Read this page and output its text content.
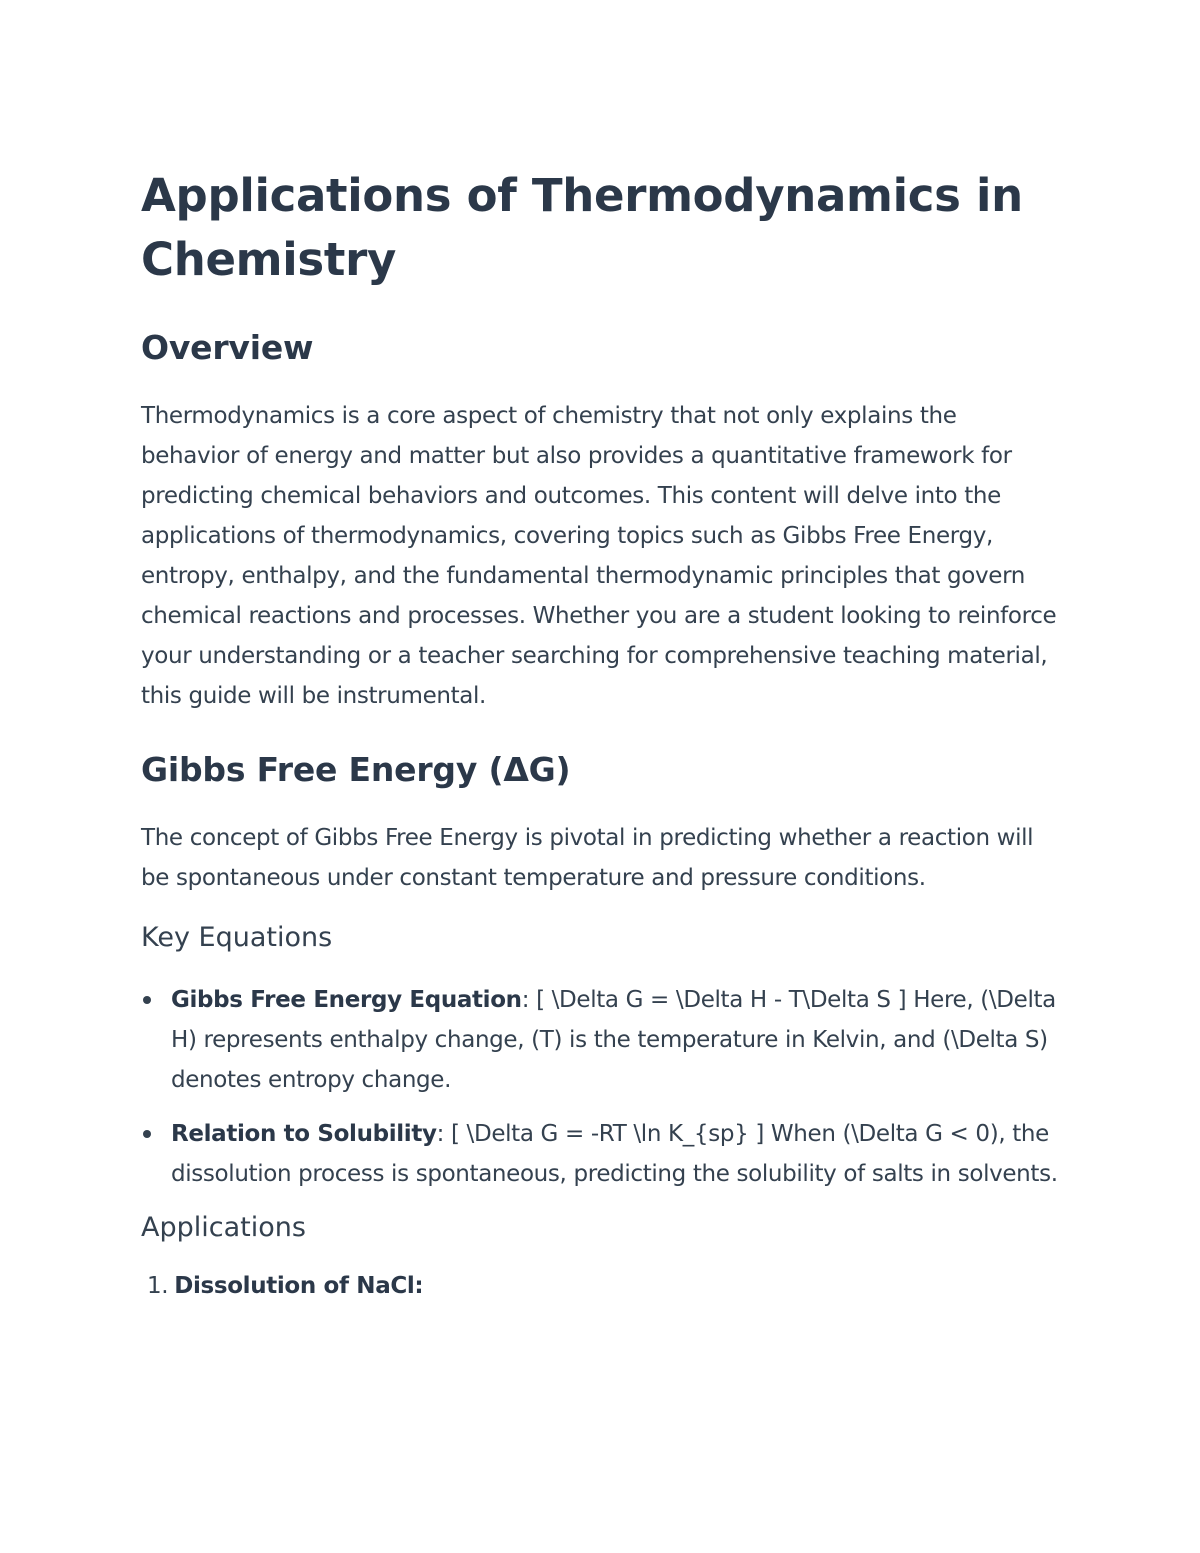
Applications of Thermodynamics in Chemistry
Overview

Thermodynamics is a core aspect of chemistry that not only explains the behavior of energy and matter but also provides a quantitative framework for predicting chemical behaviors and outcomes. This content will delve into the applications of thermodynamics, covering topics such as Gibbs Free Energy, entropy, enthalpy, and the fundamental thermodynamic principles that govern chemical reactions and processes. Whether you are a student looking to reinforce your understanding or a teacher searching for comprehensive teaching material, this guide will be instrumental.

Gibbs Free Energy (ΔG)

The concept of Gibbs Free Energy is pivotal in predicting whether a reaction will be spontaneous under constant temperature and pressure conditions.

Key Equations
Gibbs Free Energy Equation: [ \Delta G = \Delta H - T\Delta S ] Here, (\Delta H) represents enthalpy change, (T) is the temperature in Kelvin, and (\Delta S) denotes entropy change.
Relation to Solubility: [ \Delta G = -RT \ln K_{sp} ] When (\Delta G < 0), the dissolution process is spontaneous, predicting the solubility of salts in solvents.
Applications
1. Dissolution of NaCl:
